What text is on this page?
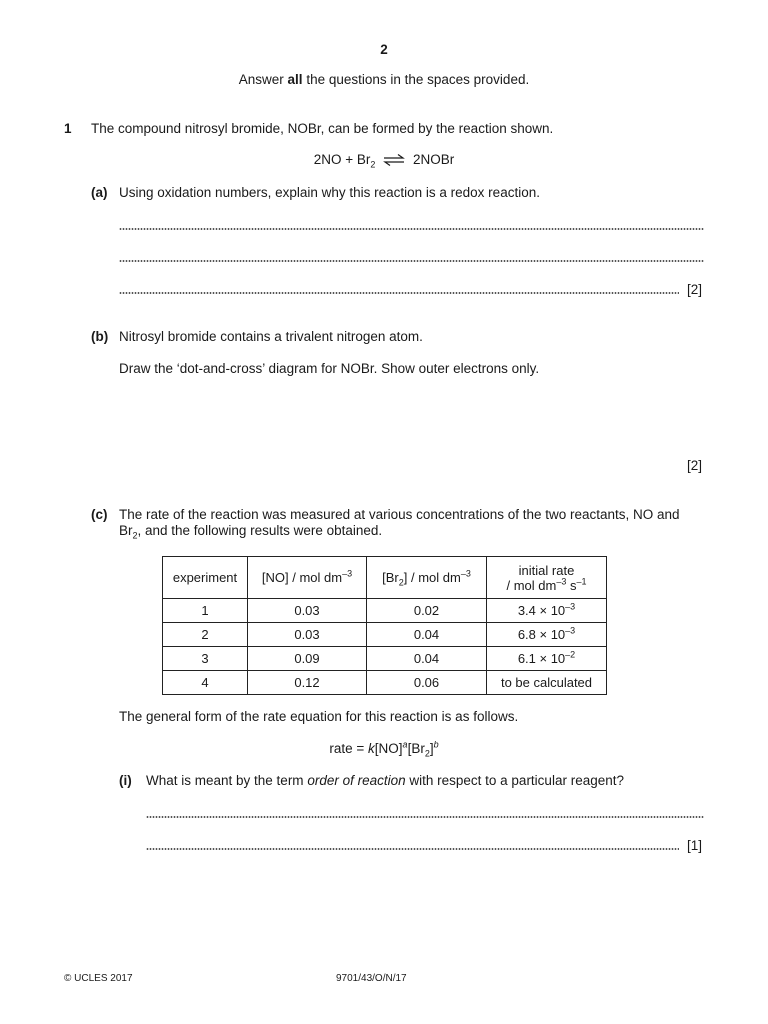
2
Answer all the questions in the spaces provided.
1 The compound nitrosyl bromide, NOBr, can be formed by the reaction shown.
$2NO + Br_2$ ⇌ 2NOBr
(a) Using oxidation numbers, explain why this reaction is a redox reaction.
[2]
(b) Nitrosyl bromide contains a trivalent nitrogen atom.
Draw the ‘dot-and-cross’ diagram for NOBr. Show outer electrons only.
[2]
(c) The rate of the reaction was measured at various concentrations of the two reactants, NO and
$Br_2$, and the following results were obtained.
experiment	[NO] / mol $dm^{-3}$	$[Br_2]$ / mol $dm^{-3}$	initial rate
/ mol $dm^{-3}$ $s^{-1}$
1	0.03	0.02	$3.4 \times 10^{-3}$
2	0.03	0.04	$6.8 \times 10^{-3}$
3	0.09	0.04	$6.1 \times 10^{-2}$
4	0.12	0.06	to be calculated
The general form of the rate equation for this reaction is as follows.
rate = $k[NO]^a[Br_2]^b$
(i) What is meant by the term order of reaction with respect to a particular reagent?
[1]
© UCLES 2017	9701/43/O/N/17
